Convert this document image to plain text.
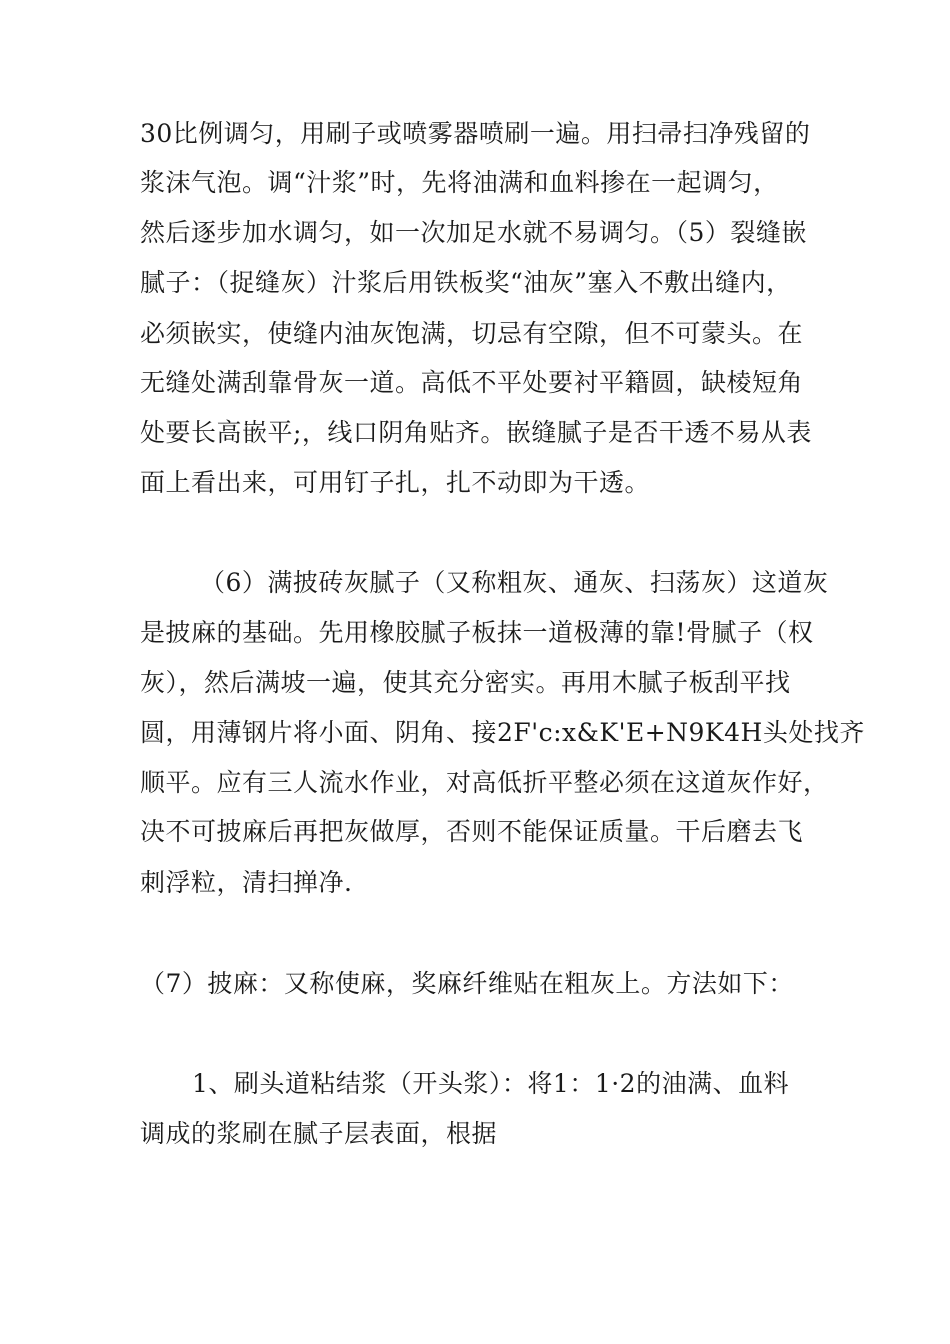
30比例调匀，用刷子或喷雾器喷刷一遍。用扫帚扫净残留的
浆沫气泡。调“汁浆”时，先将油满和血料掺在一起调匀，
然后逐步加水调匀，如一次加足水就不易调匀。（5）裂缝嵌
腻子：（捉缝灰）汁浆后用铁板奖“油灰”塞入不敷出缝内，
必须嵌实，使缝内油灰饱满，切忌有空隙，但不可蒙头。在
无缝处满刮靠骨灰一道。高低不平处要衬平籍圆，缺棱短角
处要长高嵌平;，线口阴角贴齐。嵌缝腻子是否干透不易从表
面上看出来，可用钉子扎，扎不动即为干透。
（6）满披砖灰腻子（又称粗灰、通灰、扫荡灰）这道灰
是披麻的基础。先用橡胶腻子板抹一道极薄的靠!骨腻子（权
灰），然后满坡一遍，使其充分密实。再用木腻子板刮平找
圆，用薄钢片将小面、阴角、接2F'c:x&K'E+N9K4H头处找齐
顺平。应有三人流水作业，对高低折平整必须在这道灰作好，
决不可披麻后再把灰做厚，否则不能保证质量。干后磨去飞
刺浮粒，清扫掸净.
（7）披麻：又称使麻，奖麻纤维贴在粗灰上。方法如下：
1、刷头道粘结浆（开头浆）：将1：1·2的油满、血料
调成的浆刷在腻子层表面，根据
